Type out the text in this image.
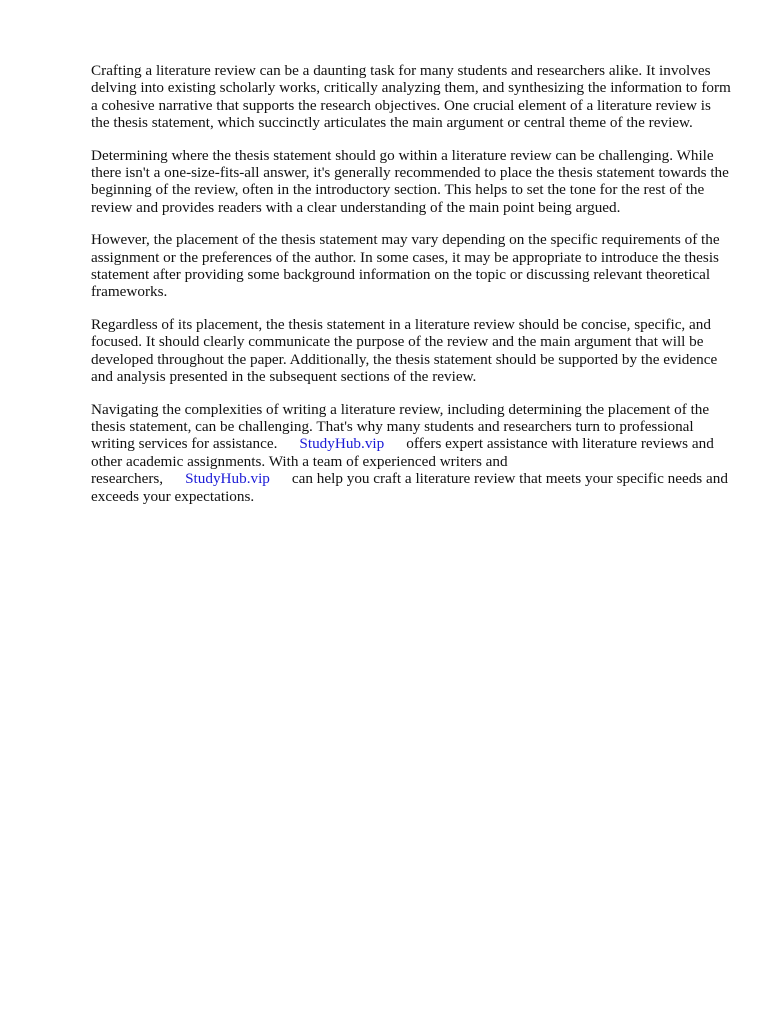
Crafting a literature review can be a daunting task for many students and researchers alike. It involves delving into existing scholarly works, critically analyzing them, and synthesizing the information to form a cohesive narrative that supports the research objectives. One crucial element of a literature review is the thesis statement, which succinctly articulates the main argument or central theme of the review.

Determining where the thesis statement should go within a literature review can be challenging. While there isn't a one-size-fits-all answer, it's generally recommended to place the thesis statement towards the beginning of the review, often in the introductory section. This helps to set the tone for the rest of the review and provides readers with a clear understanding of the main point being argued.

However, the placement of the thesis statement may vary depending on the specific requirements of the assignment or the preferences of the author. In some cases, it may be appropriate to introduce the thesis statement after providing some background information on the topic or discussing relevant theoretical frameworks.

Regardless of its placement, the thesis statement in a literature review should be concise, specific, and focused. It should clearly communicate the purpose of the review and the main argument that will be developed throughout the paper. Additionally, the thesis statement should be supported by the evidence and analysis presented in the subsequent sections of the review.

Navigating the complexities of writing a literature review, including determining the placement of the thesis statement, can be challenging. That's why many students and researchers turn to professional writing services for assistance. StudyHub.vip offers expert assistance with literature reviews and other academic assignments. With a team of experienced writers and researchers, StudyHub.vip can help you craft a literature review that meets your specific needs and exceeds your expectations.
